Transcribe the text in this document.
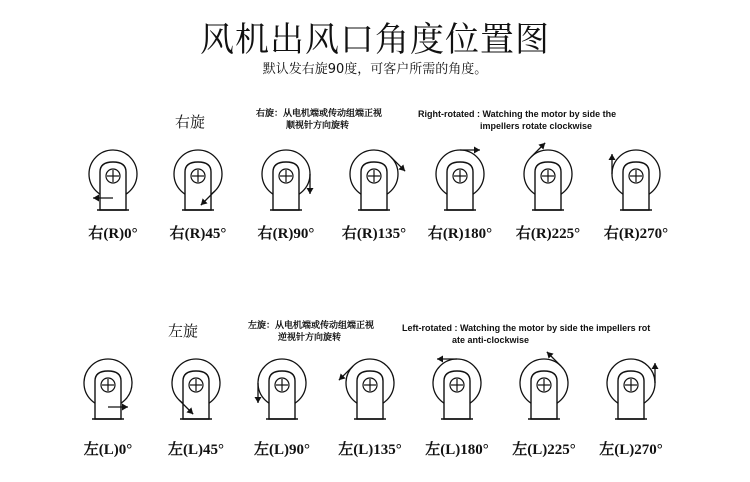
风机出风口角度位置图
默认发右旋90度，可客户所需的角度。
右旋	右旋：从电机端或传动组端正视
顺视针方向旋转
Right-rotated : Watching the motor by side the
impellers rotate clockwise
左旋	左旋：从电机端或传动组端正视
逆视针方向旋转
Left-rotated : Watching the motor by side the impellers rot
ate anti-clockwise
右(R)0°	右(R)45°	右(R)90°	右(R)135°	右(R)180°	右(R)225°	右(R)270°
左(L)0°	左(L)45°	左(L)90°	左(L)135°	左(L)180°	左(L)225°	左(L)270°
